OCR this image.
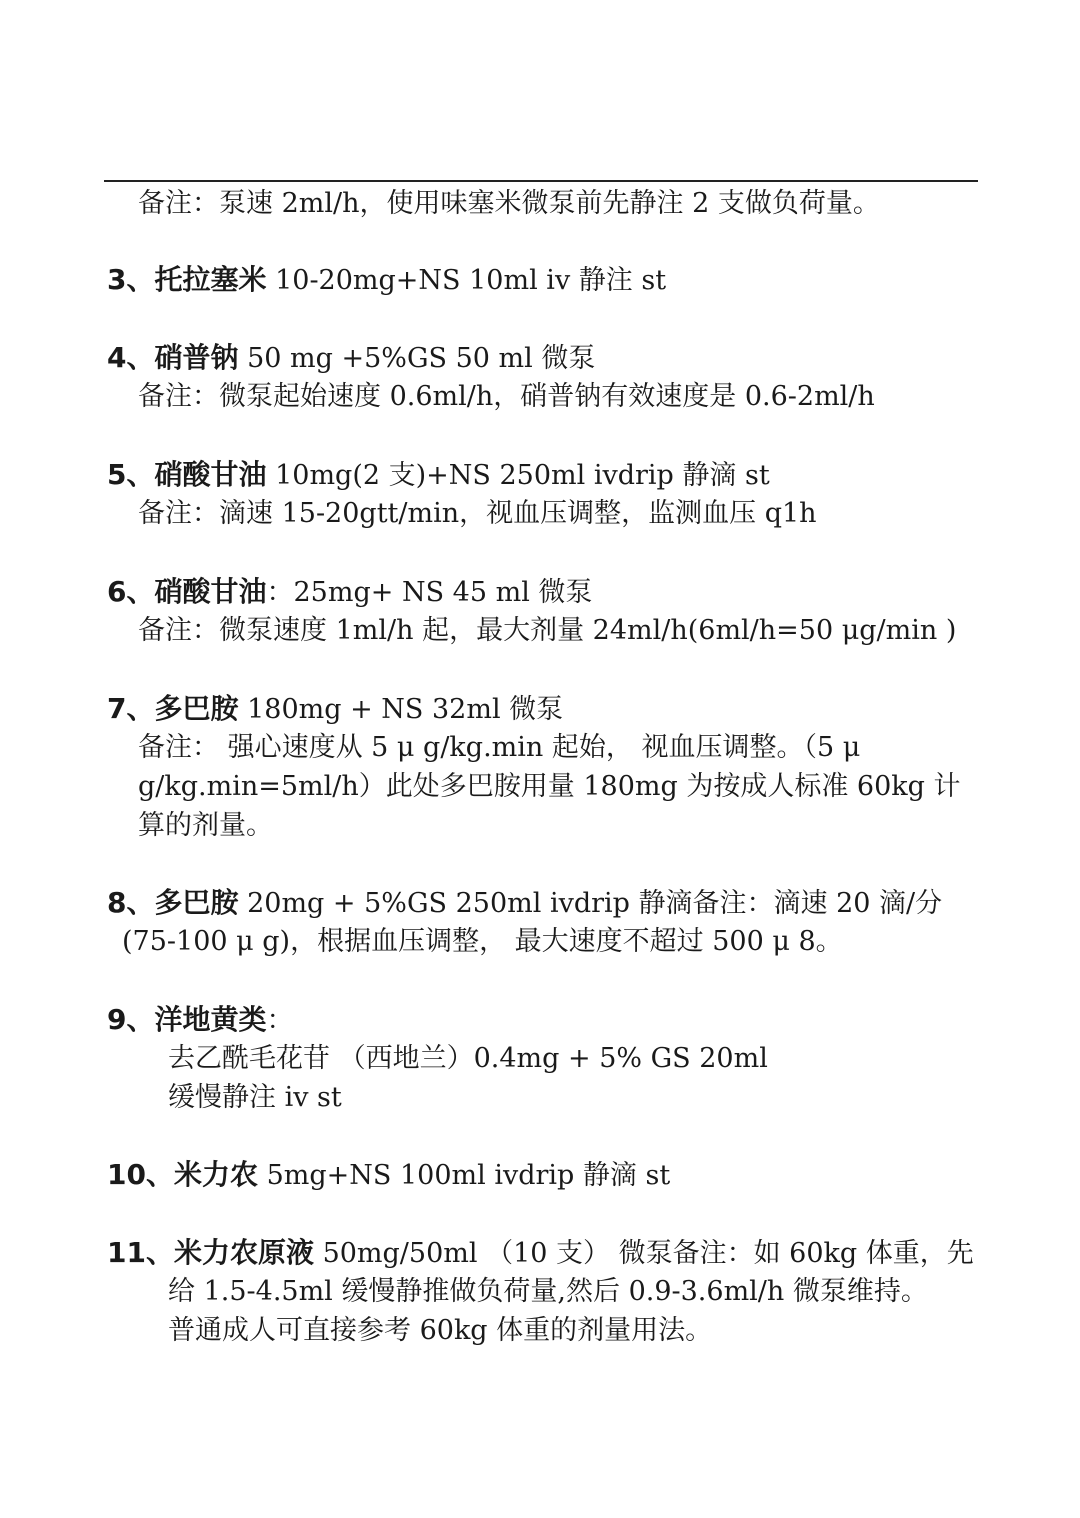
备注：泵速 2ml/h，使用味塞米微泵前先静注 2 支做负荷量。
3、托拉塞米 10-20mg+NS 10ml iv 静注 st
4、硝普钠 50 mg +5%GS 50 ml 微泵
备注：微泵起始速度 0.6ml/h，硝普钠有效速度是 0.6-2ml/h
5、硝酸甘油 10mg(2 支)+NS 250ml ivdrip 静滴 st
备注：滴速 15-20gtt/min，视血压调整，监测血压 q1h
6、硝酸甘油：25mg+ NS 45 ml 微泵
备注：微泵速度 1ml/h 起，最大剂量 24ml/h(6ml/h=50 μg/min )
7、多巴胺 180mg + NS 32ml 微泵
备注： 强心速度从 5 μ g/kg.min 起始， 视血压调整。（5 μ
g/kg.min=5ml/h）此处多巴胺用量 180mg 为按成人标准 60kg 计
算的剂量。
8、多巴胺 20mg + 5%GS 250ml ivdrip 静滴备注：滴速 20 滴/分
(75-100 μ g)，根据血压调整， 最大速度不超过 500 μ 8。
9、洋地黄类：
去乙酰毛花苷 （西地兰）0.4mg + 5% GS 20ml
缓慢静注 iv st
10、米力农 5mg+NS 100ml ivdrip 静滴 st
11、米力农原液 50mg/50ml （10 支） 微泵备注：如 60kg 体重，先
给 1.5-4.5ml 缓慢静推做负荷量,然后 0.9-3.6ml/h 微泵维持。
普通成人可直接参考 60kg 体重的剂量用法。
